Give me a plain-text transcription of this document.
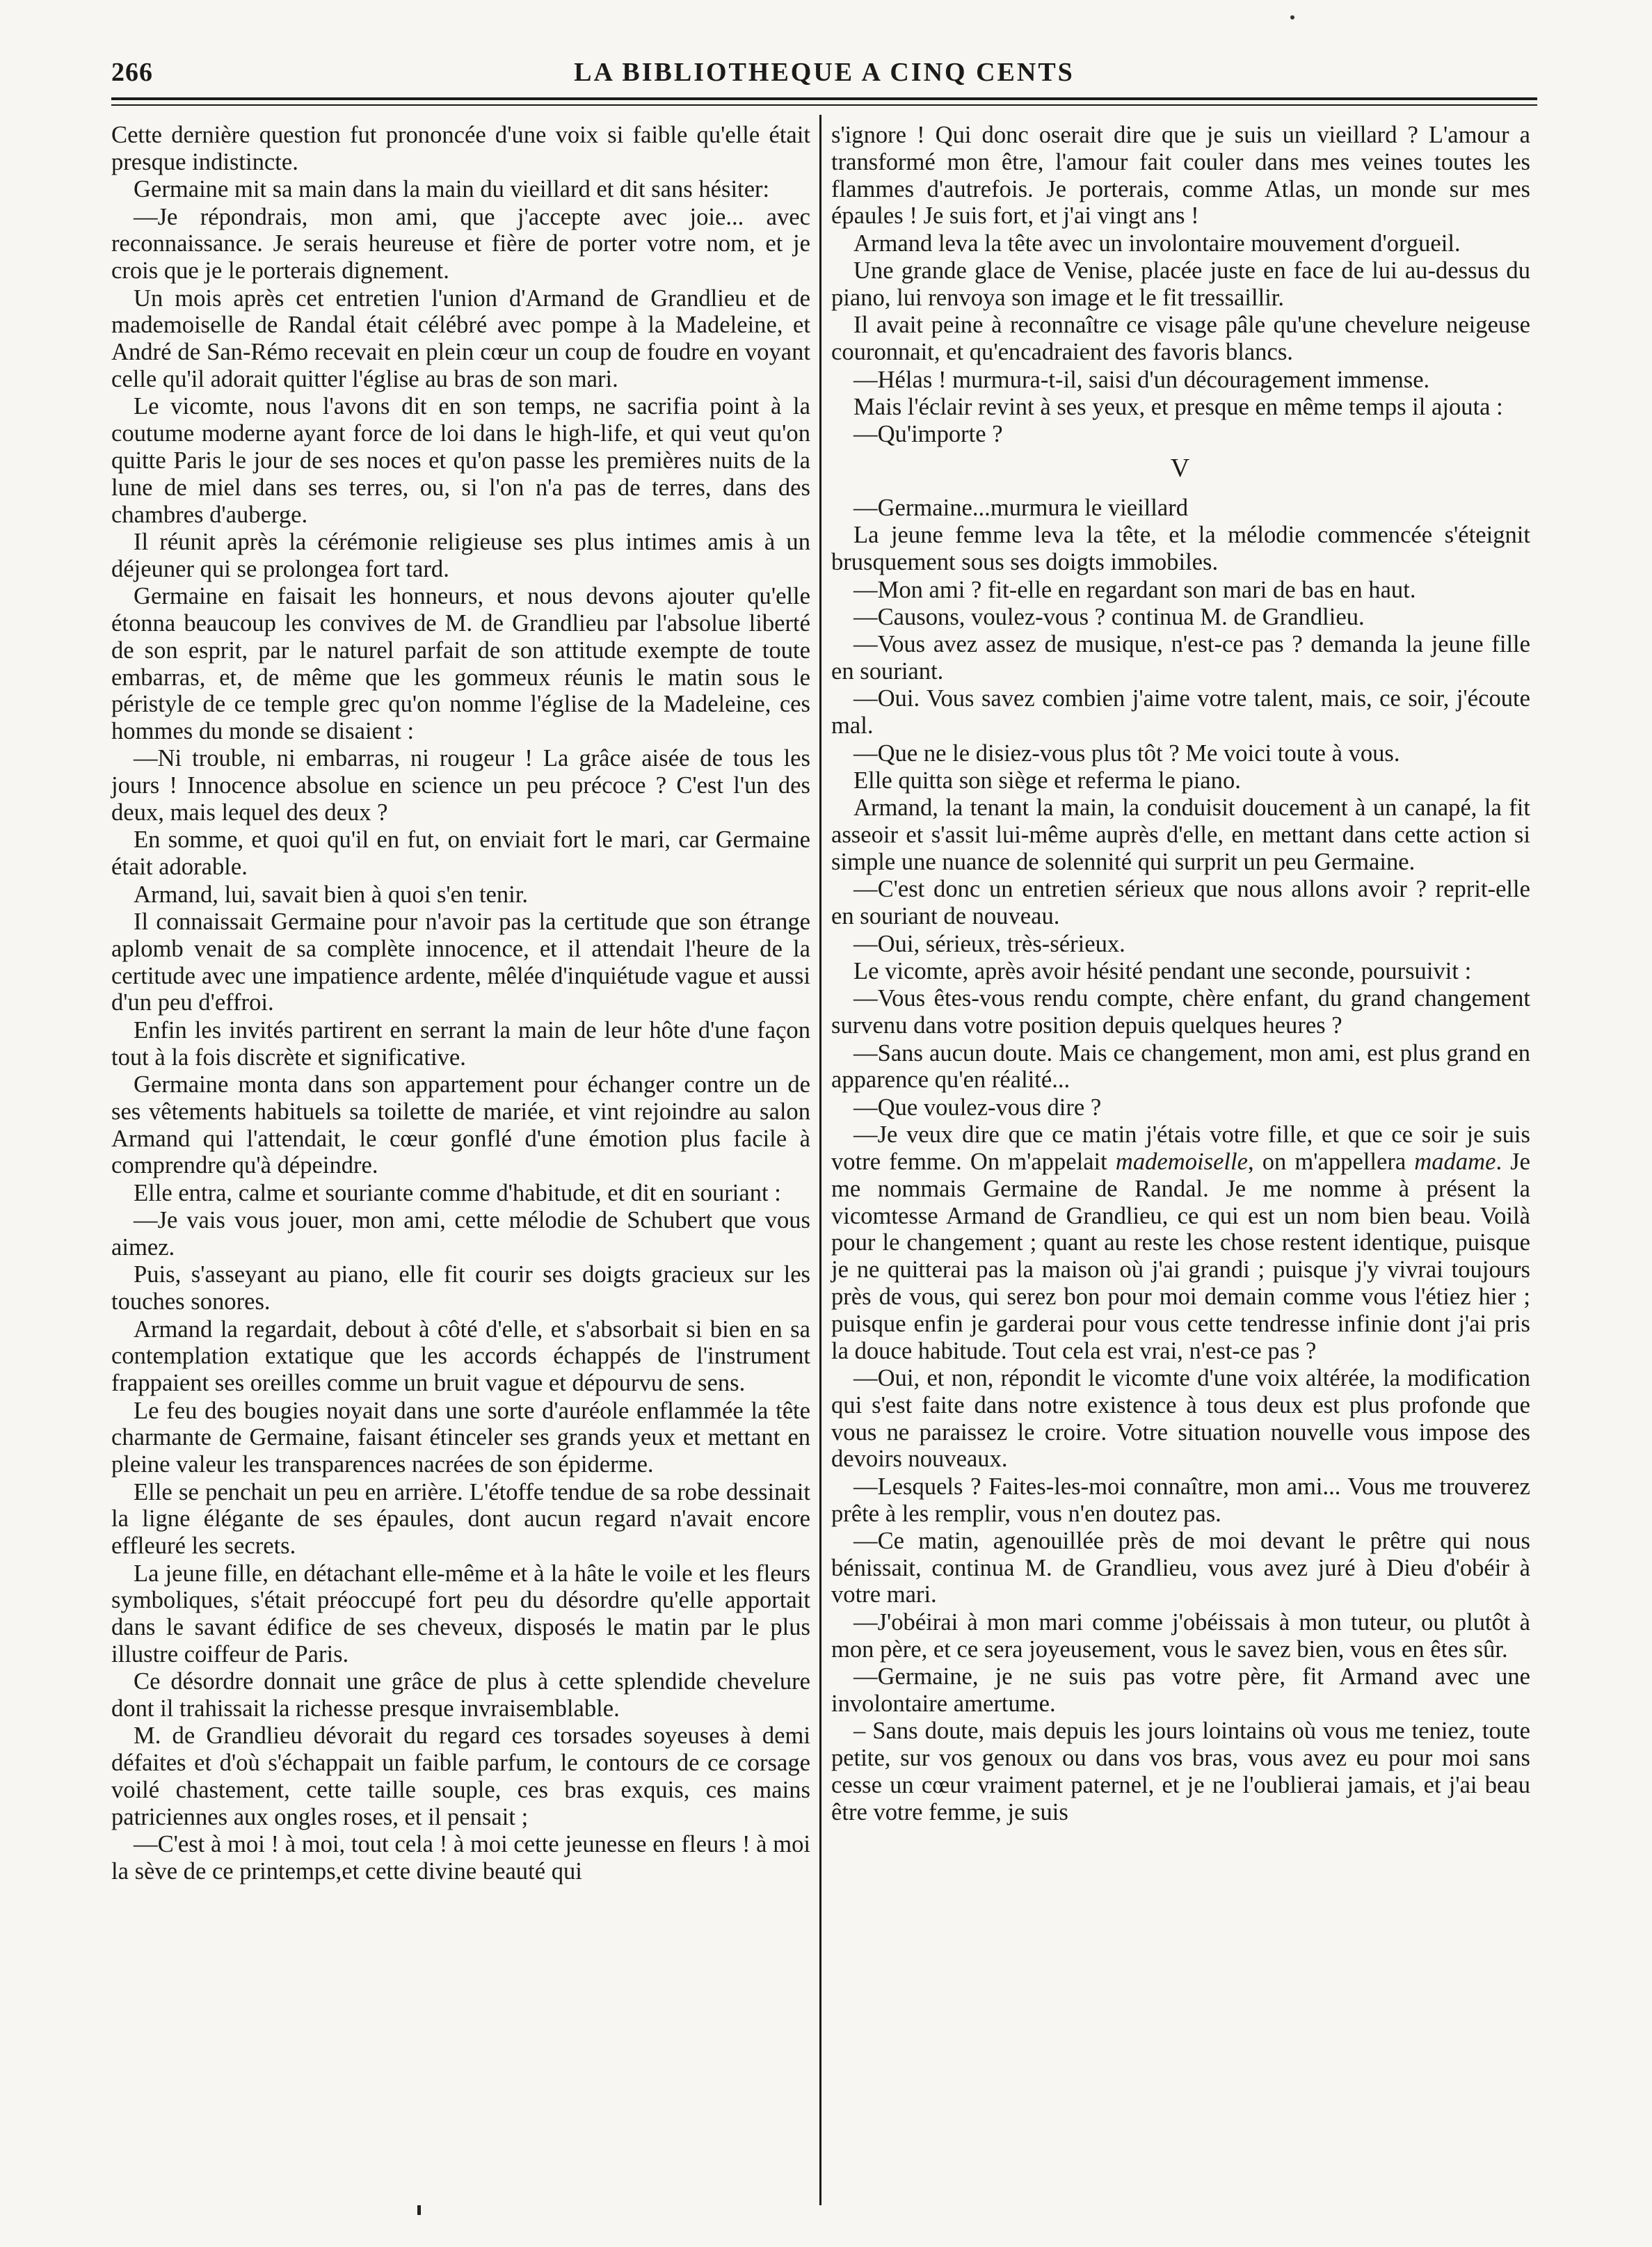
266	LA BIBLIOTHEQUE A CINQ CENTS

Cette dernière question fut prononcée d'une voix si faible qu'elle était presque indistincte.

Germaine mit sa main dans la main du vieillard et dit sans hésiter:

—Je répondrais, mon ami, que j'accepte avec joie... avec reconnaissance. Je serais heureuse et fière de porter votre nom, et je crois que je le porterais dignement.

Un mois après cet entretien l'union d'Armand de Grandlieu et de mademoiselle de Randal était célébré avec pompe à la Madeleine, et André de San-Rémo recevait en plein cœur un coup de foudre en voyant celle qu'il adorait quitter l'église au bras de son mari.

Le vicomte, nous l'avons dit en son temps, ne sacrifia point à la coutume moderne ayant force de loi dans le high-life, et qui veut qu'on quitte Paris le jour de ses noces et qu'on passe les premières nuits de la lune de miel dans ses terres, ou, si l'on n'a pas de terres, dans des chambres d'auberge.

Il réunit après la cérémonie religieuse ses plus intimes amis à un déjeuner qui se prolongea fort tard.

Germaine en faisait les honneurs, et nous devons ajouter qu'elle étonna beaucoup les convives de M. de Grandlieu par l'absolue liberté de son esprit, par le naturel parfait de son attitude exempte de toute embarras, et, de même que les gommeux réunis le matin sous le péristyle de ce temple grec qu'on nomme l'église de la Madeleine, ces hommes du monde se disaient :

—Ni trouble, ni embarras, ni rougeur ! La grâce aisée de tous les jours ! Innocence absolue en science un peu précoce ? C'est l'un des deux, mais lequel des deux ?

En somme, et quoi qu'il en fut, on enviait fort le mari, car Germaine était adorable.

Armand, lui, savait bien à quoi s'en tenir.

Il connaissait Germaine pour n'avoir pas la certitude que son étrange aplomb venait de sa complète innocence, et il attendait l'heure de la certitude avec une impatience ardente, mêlée d'inquiétude vague et aussi d'un peu d'effroi.

Enfin les invités partirent en serrant la main de leur hôte d'une façon tout à la fois discrète et significative.

Germaine monta dans son appartement pour échanger contre un de ses vêtements habituels sa toilette de mariée, et vint rejoindre au salon Armand qui l'attendait, le cœur gonflé d'une émotion plus facile à comprendre qu'à dépeindre.

Elle entra, calme et souriante comme d'habitude, et dit en souriant :

—Je vais vous jouer, mon ami, cette mélodie de Schubert que vous aimez.

Puis, s'asseyant au piano, elle fit courir ses doigts gracieux sur les touches sonores.

Armand la regardait, debout à côté d'elle, et s'absorbait si bien en sa contemplation extatique que les accords échappés de l'instrument frappaient ses oreilles comme un bruit vague et dépourvu de sens.

Le feu des bougies noyait dans une sorte d'auréole enflammée la tête charmante de Germaine, faisant étinceler ses grands yeux et mettant en pleine valeur les transparences nacrées de son épiderme.

Elle se penchait un peu en arrière. L'étoffe tendue de sa robe dessinait la ligne élégante de ses épaules, dont aucun regard n'avait encore effleuré les secrets.

La jeune fille, en détachant elle-même et à la hâte le voile et les fleurs symboliques, s'était préoccupé fort peu du désordre qu'elle apportait dans le savant édifice de ses cheveux, disposés le matin par le plus illustre coiffeur de Paris.

Ce désordre donnait une grâce de plus à cette splendide chevelure dont il trahissait la richesse presque invraisemblable.

M. de Grandlieu dévorait du regard ces torsades soyeuses à demi défaites et d'où s'échappait un faible parfum, le contours de ce corsage voilé chastement, cette taille souple, ces bras exquis, ces mains patriciennes aux ongles roses, et il pensait ;

—C'est à moi ! à moi, tout cela ! à moi cette jeunesse en fleurs ! à moi la sève de ce printemps,et cette divine beauté qui

s'ignore ! Qui donc oserait dire que je suis un vieillard ? L'amour a transformé mon être, l'amour fait couler dans mes veines toutes les flammes d'autrefois. Je porterais, comme Atlas, un monde sur mes épaules ! Je suis fort, et j'ai vingt ans !

Armand leva la tête avec un involontaire mouvement d'orgueil.

Une grande glace de Venise, placée juste en face de lui au-dessus du piano, lui renvoya son image et le fit tressaillir.

Il avait peine à reconnaître ce visage pâle qu'une chevelure neigeuse couronnait, et qu'encadraient des favoris blancs.

—Hélas ! murmura-t-il, saisi d'un découragement immense.

Mais l'éclair revint à ses yeux, et presque en même temps il ajouta :

—Qu'importe ?

V

—Germaine...murmura le vieillard

La jeune femme leva la tête, et la mélodie commencée s'éteignit brusquement sous ses doigts immobiles.

—Mon ami ? fit-elle en regardant son mari de bas en haut.

—Causons, voulez-vous ? continua M. de Grandlieu.

—Vous avez assez de musique, n'est-ce pas ? demanda la jeune fille en souriant.

—Oui. Vous savez combien j'aime votre talent, mais, ce soir, j'écoute mal.

—Que ne le disiez-vous plus tôt ? Me voici toute à vous.

Elle quitta son siège et referma le piano.

Armand, la tenant la main, la conduisit doucement à un canapé, la fit asseoir et s'assit lui-même auprès d'elle, en mettant dans cette action si simple une nuance de solennité qui surprit un peu Germaine.

—C'est donc un entretien sérieux que nous allons avoir ? reprit-elle en souriant de nouveau.

—Oui, sérieux, très-sérieux.

Le vicomte, après avoir hésité pendant une seconde, poursuivit :

—Vous êtes-vous rendu compte, chère enfant, du grand changement survenu dans votre position depuis quelques heures ?

—Sans aucun doute. Mais ce changement, mon ami, est plus grand en apparence qu'en réalité...

—Que voulez-vous dire ?

—Je veux dire que ce matin j'étais votre fille, et que ce soir je suis votre femme. On m'appelait mademoiselle, on m'appellera madame. Je me nommais Germaine de Randal. Je me nomme à présent la vicomtesse Armand de Grandlieu, ce qui est un nom bien beau. Voilà pour le changement ; quant au reste les chose restent identique, puisque je ne quitterai pas la maison où j'ai grandi ; puisque j'y vivrai toujours près de vous, qui serez bon pour moi demain comme vous l'étiez hier ; puisque enfin je garderai pour vous cette tendresse infinie dont j'ai pris la douce habitude. Tout cela est vrai, n'est-ce pas ?

—Oui, et non, répondit le vicomte d'une voix altérée, la modification qui s'est faite dans notre existence à tous deux est plus profonde que vous ne paraissez le croire. Votre situation nouvelle vous impose des devoirs nouveaux.

—Lesquels ? Faites-les-moi connaître, mon ami... Vous me trouverez prête à les remplir, vous n'en doutez pas.

—Ce matin, agenouillée près de moi devant le prêtre qui nous bénissait, continua M. de Grandlieu, vous avez juré à Dieu d'obéir à votre mari.

—J'obéirai à mon mari comme j'obéissais à mon tuteur, ou plutôt à mon père, et ce sera joyeusement, vous le savez bien, vous en êtes sûr.

—Germaine, je ne suis pas votre père, fit Armand avec une involontaire amertume.

– Sans doute, mais depuis les jours lointains où vous me teniez, toute petite, sur vos genoux ou dans vos bras, vous avez eu pour moi sans cesse un cœur vraiment paternel, et je ne l'oublierai jamais, et j'ai beau être votre femme, je suis
